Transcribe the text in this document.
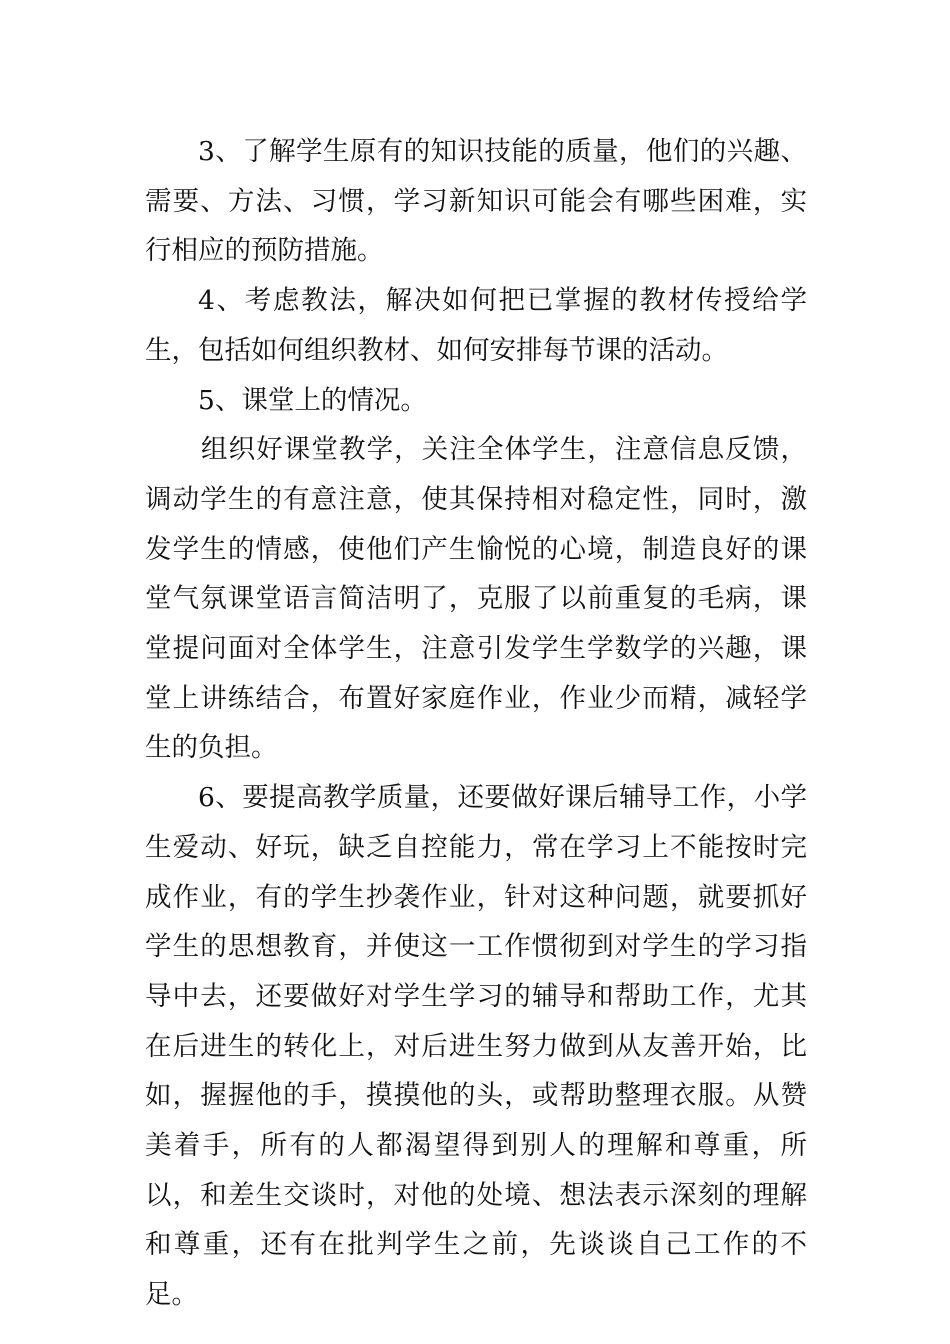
3、了解学生原有的知识技能的质量，他们的兴趣、需要、方法、习惯，学习新知识可能会有哪些困难，实行相应的预防措施。

4、考虑教法，解决如何把已掌握的教材传授给学生，包括如何组织教材、如何安排每节课的活动。

5、课堂上的情况。

组织好课堂教学，关注全体学生，注意信息反馈，调动学生的有意注意，使其保持相对稳定性，同时，激发学生的情感，使他们产生愉悦的心境，制造良好的课堂气氛课堂语言简洁明了，克服了以前重复的毛病，课堂提问面对全体学生，注意引发学生学数学的兴趣，课堂上讲练结合，布置好家庭作业，作业少而精，减轻学生的负担。

6、要提高教学质量，还要做好课后辅导工作，小学生爱动、好玩，缺乏自控能力，常在学习上不能按时完成作业，有的学生抄袭作业，针对这种问题，就要抓好学生的思想教育，并使这一工作惯彻到对学生的学习指导中去，还要做好对学生学习的辅导和帮助工作，尤其在后进生的转化上，对后进生努力做到从友善开始，比如，握握他的手，摸摸他的头，或帮助整理衣服。从赞美着手，所有的人都渴望得到别人的理解和尊重，所以，和差生交谈时，对他的处境、想法表示深刻的理解和尊重，还有在批判学生之前，先谈谈自己工作的不足。
